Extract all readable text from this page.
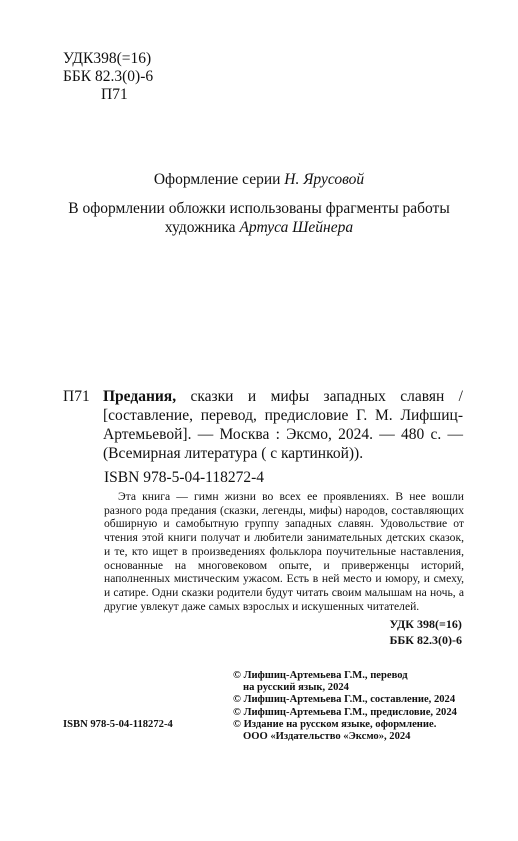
УДК398(=16)
ББК 82.3(0)-6
П71
Оформление серии Н. Ярусовой
В оформлении обложки использованы фрагменты работы
художника Артуса Шейнера
П71 Предания, сказки и мифы западных славян / [составление, перевод, предисловие Г. М. Лифшиц-Артемьевой]. — Москва : Эксмо, 2024. — 480 с. — (Всемирная литература ( с картинкой)).
ISBN 978-5-04-118272-4
Эта книга — гимн жизни во всех ее проявлениях. В нее вошли разного рода предания (сказки, легенды, мифы) народов, составляющих обширную и самобытную группу западных славян. Удовольствие от чтения этой книги получат и любители занимательных детских сказок, и те, кто ищет в произведениях фольклора поучительные наставления, основанные на многовековом опыте, и приверженцы историй, наполненных мистическим ужасом. Есть в ней место и юмору, и смеху, и сатире. Одни сказки родители будут читать своим малышам на ночь, а другие увлекут даже самых взрослых и искушенных читателей.
УДК 398(=16)
ББК 82.3(0)-6
© Лифшиц-Артемьева Г.М., перевод
на русский язык, 2024
© Лифшиц-Артемьева Г.М., составление, 2024
© Лифшиц-Артемьева Г.М., предисловие, 2024
© Издание на русском языке, оформление.
ООО «Издательство «Эксмо», 2024
ISBN 978-5-04-118272-4
